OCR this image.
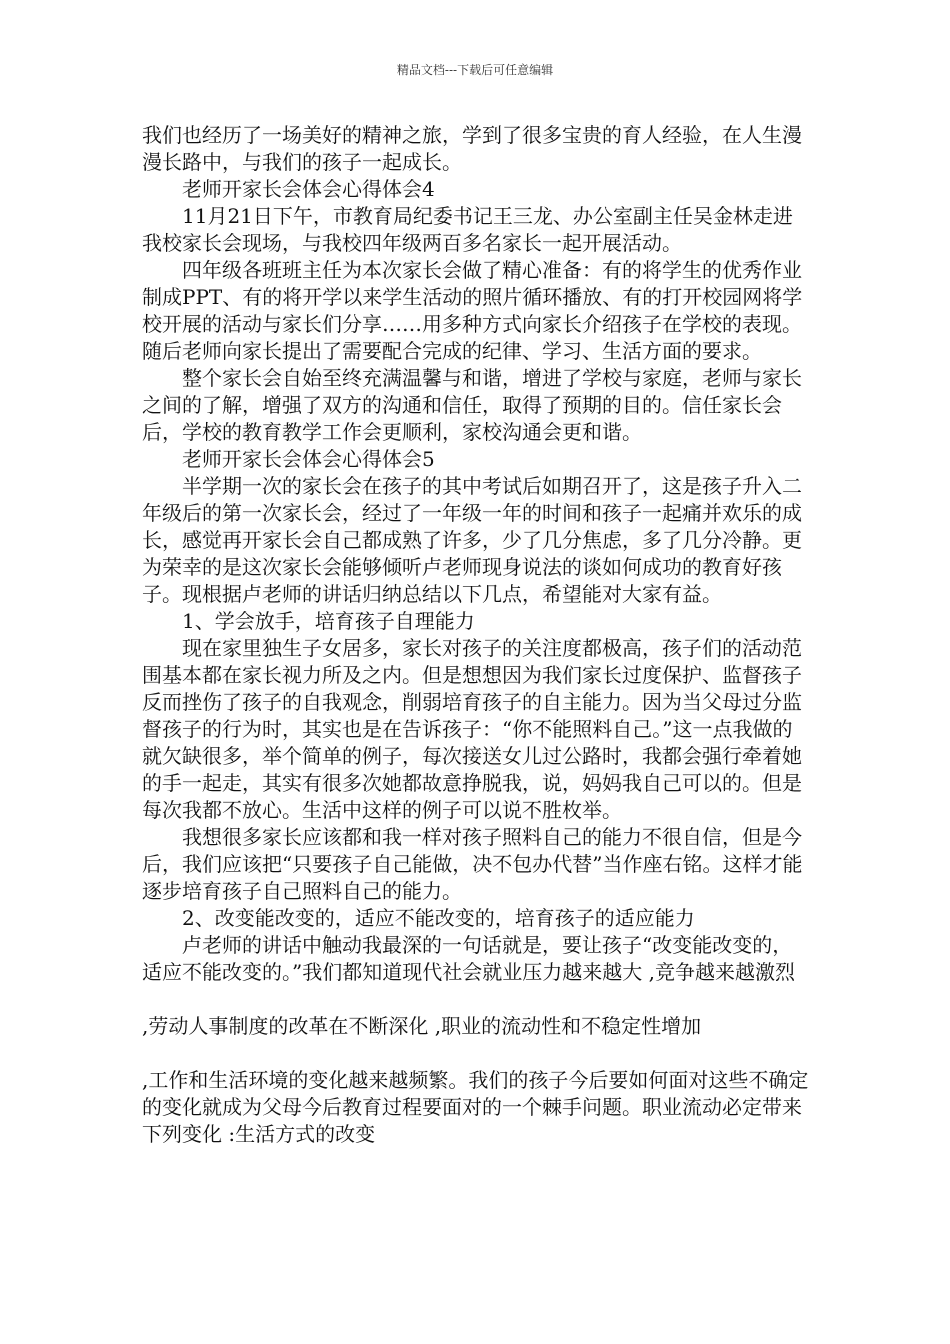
精品文档---下载后可任意编辑

我们也经历了一场美好的精神之旅，学到了很多宝贵的育人经验，在人生漫漫长路中，与我们的孩子一起成长。

老师开家长会体会心得体会4

11月21日下午，市教育局纪委书记王三龙、办公室副主任吴金林走进我校家长会现场，与我校四年级两百多名家长一起开展活动。

四年级各班班主任为本次家长会做了精心准备：有的将学生的优秀作业制成PPT、有的将开学以来学生活动的照片循环播放、有的打开校园网将学校开展的活动与家长们分享……用多种方式向家长介绍孩子在学校的表现。随后老师向家长提出了需要配合完成的纪律、学习、生活方面的要求。

整个家长会自始至终充满温馨与和谐，增进了学校与家庭，老师与家长之间的了解，增强了双方的沟通和信任，取得了预期的目的。信任家长会后，学校的教育教学工作会更顺利，家校沟通会更和谐。

老师开家长会体会心得体会5

半学期一次的家长会在孩子的其中考试后如期召开了，这是孩子升入二年级后的第一次家长会，经过了一年级一年的时间和孩子一起痛并欢乐的成长，感觉再开家长会自己都成熟了许多，少了几分焦虑，多了几分冷静。更为荣幸的是这次家长会能够倾听卢老师现身说法的谈如何成功的教育好孩子。现根据卢老师的讲话归纳总结以下几点，希望能对大家有益。

1、学会放手，培育孩子自理能力

现在家里独生子女居多，家长对孩子的关注度都极高，孩子们的活动范围基本都在家长视力所及之内。但是想想因为我们家长过度保护、监督孩子反而挫伤了孩子的自我观念，削弱培育孩子的自主能力。因为当父母过分监督孩子的行为时，其实也是在告诉孩子：“你不能照料自己。”这一点我做的就欠缺很多，举个简单的例子，每次接送女儿过公路时，我都会强行牵着她的手一起走，其实有很多次她都故意挣脱我，说，妈妈我自己可以的。但是每次我都不放心。生活中这样的例子可以说不胜枚举。

我想很多家长应该都和我一样对孩子照料自己的能力不很自信，但是今后，我们应该把“只要孩子自己能做，决不包办代替”当作座右铭。这样才能逐步培育孩子自己照料自己的能力。

2、改变能改变的，适应不能改变的，培育孩子的适应能力

卢老师的讲话中触动我最深的一句话就是，要让孩子“改变能改变的，适应不能改变的。”我们都知道现代社会就业压力越来越大 ,竞争越来越激烈

,劳动人事制度的改革在不断深化 ,职业的流动性和不稳定性增加

,工作和生活环境的变化越来越频繁。我们的孩子今后要如何面对这些不确定的变化就成为父母今后教育过程要面对的一个棘手问题。职业流动必定带来下列变化 :生活方式的改变
